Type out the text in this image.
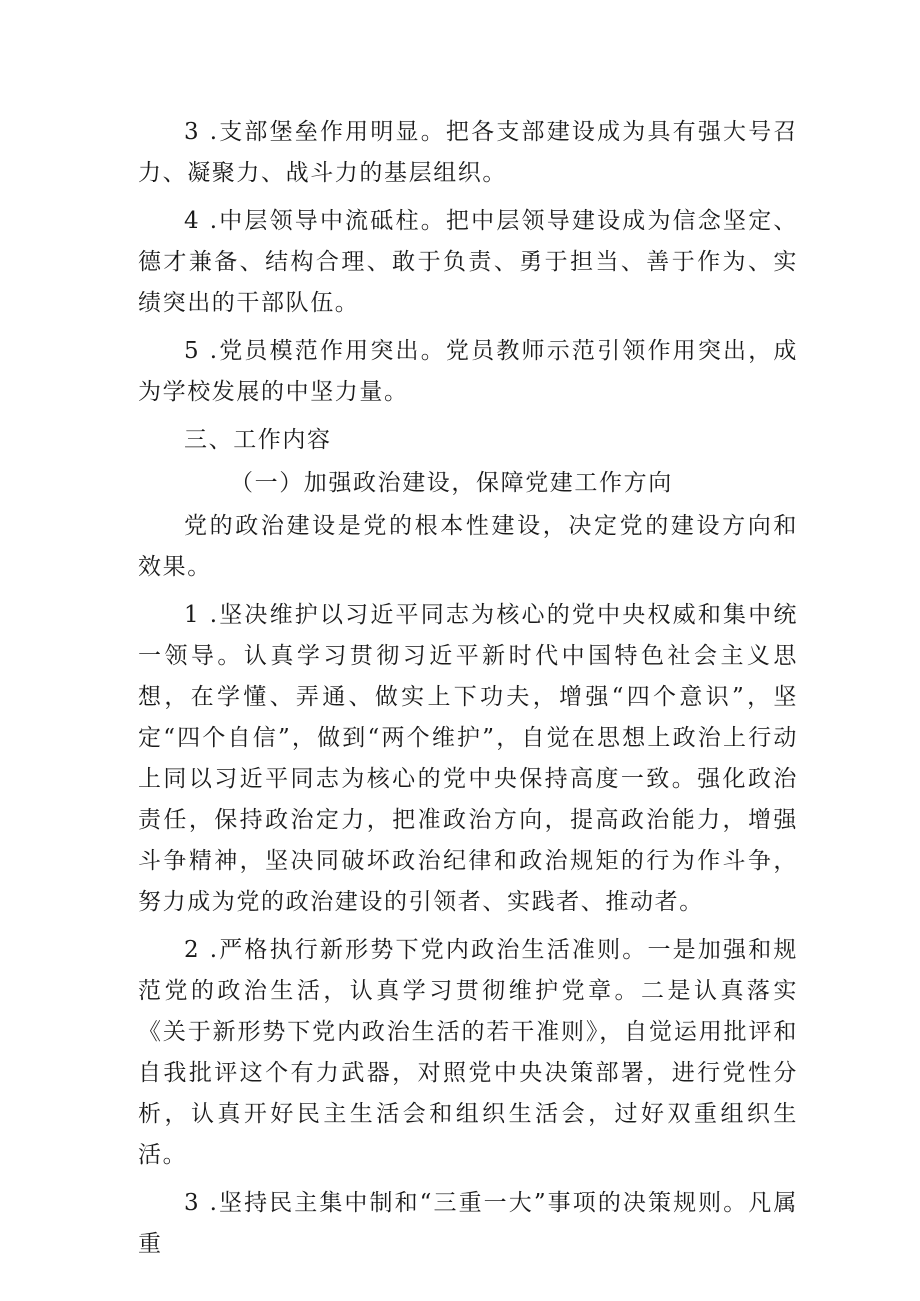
3 .支部堡垒作用明显。把各支部建设成为具有强大号召力、凝聚力、战斗力的基层组织。

4 .中层领导中流砥柱。把中层领导建设成为信念坚定、德才兼备、结构合理、敢于负责、勇于担当、善于作为、实绩突出的干部队伍。

5 .党员模范作用突出。党员教师示范引领作用突出，成为学校发展的中坚力量。

三、工作内容

（一）加强政治建设，保障党建工作方向

党的政治建设是党的根本性建设，决定党的建设方向和效果。

1 .坚决维护以习近平同志为核心的党中央权威和集中统一领导。认真学习贯彻习近平新时代中国特色社会主义思想，在学懂、弄通、做实上下功夫，增强“四个意识”，坚定“四个自信”，做到“两个维护”，自觉在思想上政治上行动上同以习近平同志为核心的党中央保持高度一致。强化政治责任，保持政治定力，把准政治方向，提高政治能力，增强斗争精神，坚决同破坏政治纪律和政治规矩的行为作斗争，努力成为党的政治建设的引领者、实践者、推动者。

2 .严格执行新形势下党内政治生活准则。一是加强和规范党的政治生活，认真学习贯彻维护党章。二是认真落实《关于新形势下党内政治生活的若干准则》，自觉运用批评和自我批评这个有力武器，对照党中央决策部署，进行党性分析，认真开好民主生活会和组织生活会，过好双重组织生活。

3 .坚持民主集中制和“三重一大”事项的决策规则。凡属重
